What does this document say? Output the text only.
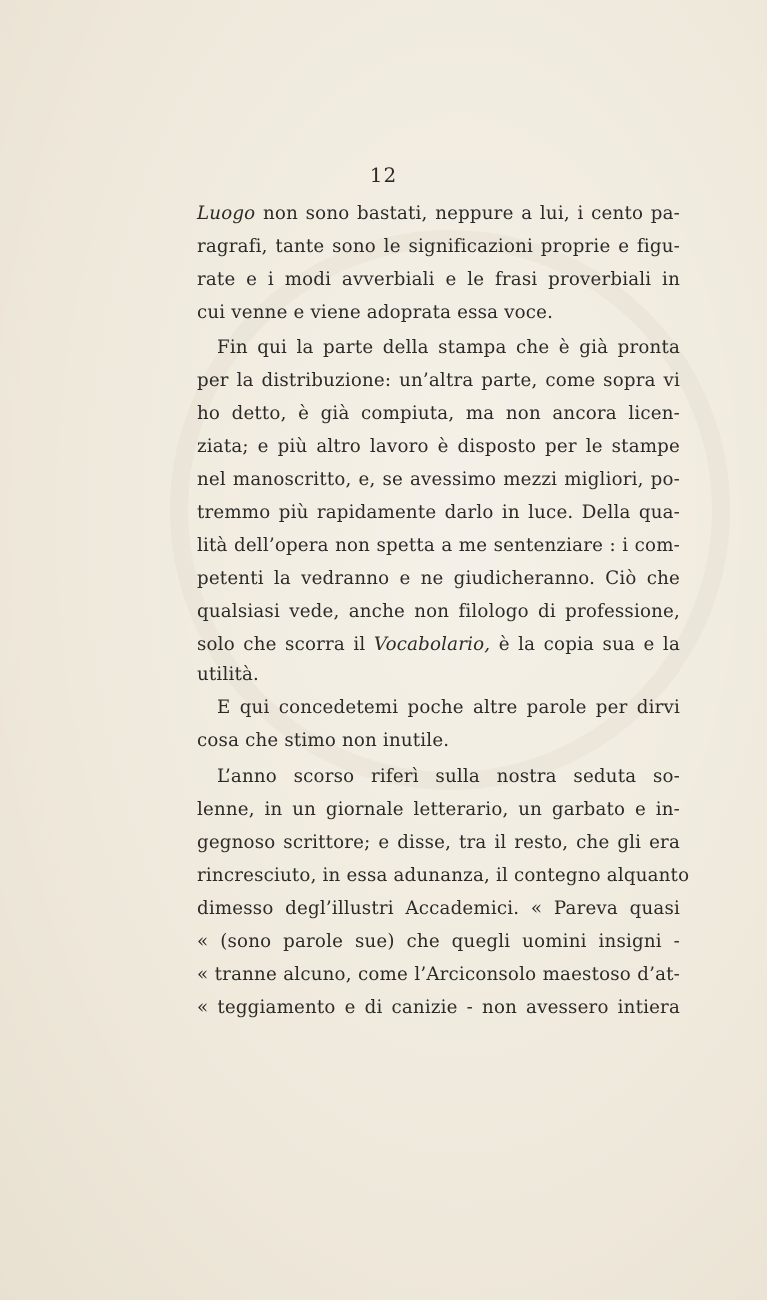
12
Luogo non sono bastati, neppure a lui, i cento pa-
ragrafi, tante sono le significazioni proprie e figu-
rate e i modi avverbiali e le frasi proverbiali in
cui venne e viene adoprata essa voce.
Fin qui la parte della stampa che è già pronta
per la distribuzione: un’altra parte, come sopra vi
ho detto, è già compiuta, ma non ancora licen-
ziata; e più altro lavoro è disposto per le stampe
nel manoscritto, e, se avessimo mezzi migliori, po-
tremmo più rapidamente darlo in luce. Della qua-
lità dell’opera non spetta a me sentenziare : i com-
petenti la vedranno e ne giudicheranno. Ciò che
qualsiasi vede, anche non filologo di professione,
solo che scorra il Vocabolario, è la copia sua e la
utilità.
E qui concedetemi poche altre parole per dirvi
cosa che stimo non inutile.
L’anno scorso riferì sulla nostra seduta so-
lenne, in un giornale letterario, un garbato e in-
gegnoso scrittore; e disse, tra il resto, che gli era
rincresciuto, in essa adunanza, il contegno alquanto
dimesso degl’illustri Accademici. « Pareva quasi
« (sono parole sue) che quegli uomini insigni -
« tranne alcuno, come l’Arciconsolo maestoso d’at-
« teggiamento e di canizie - non avessero intiera
